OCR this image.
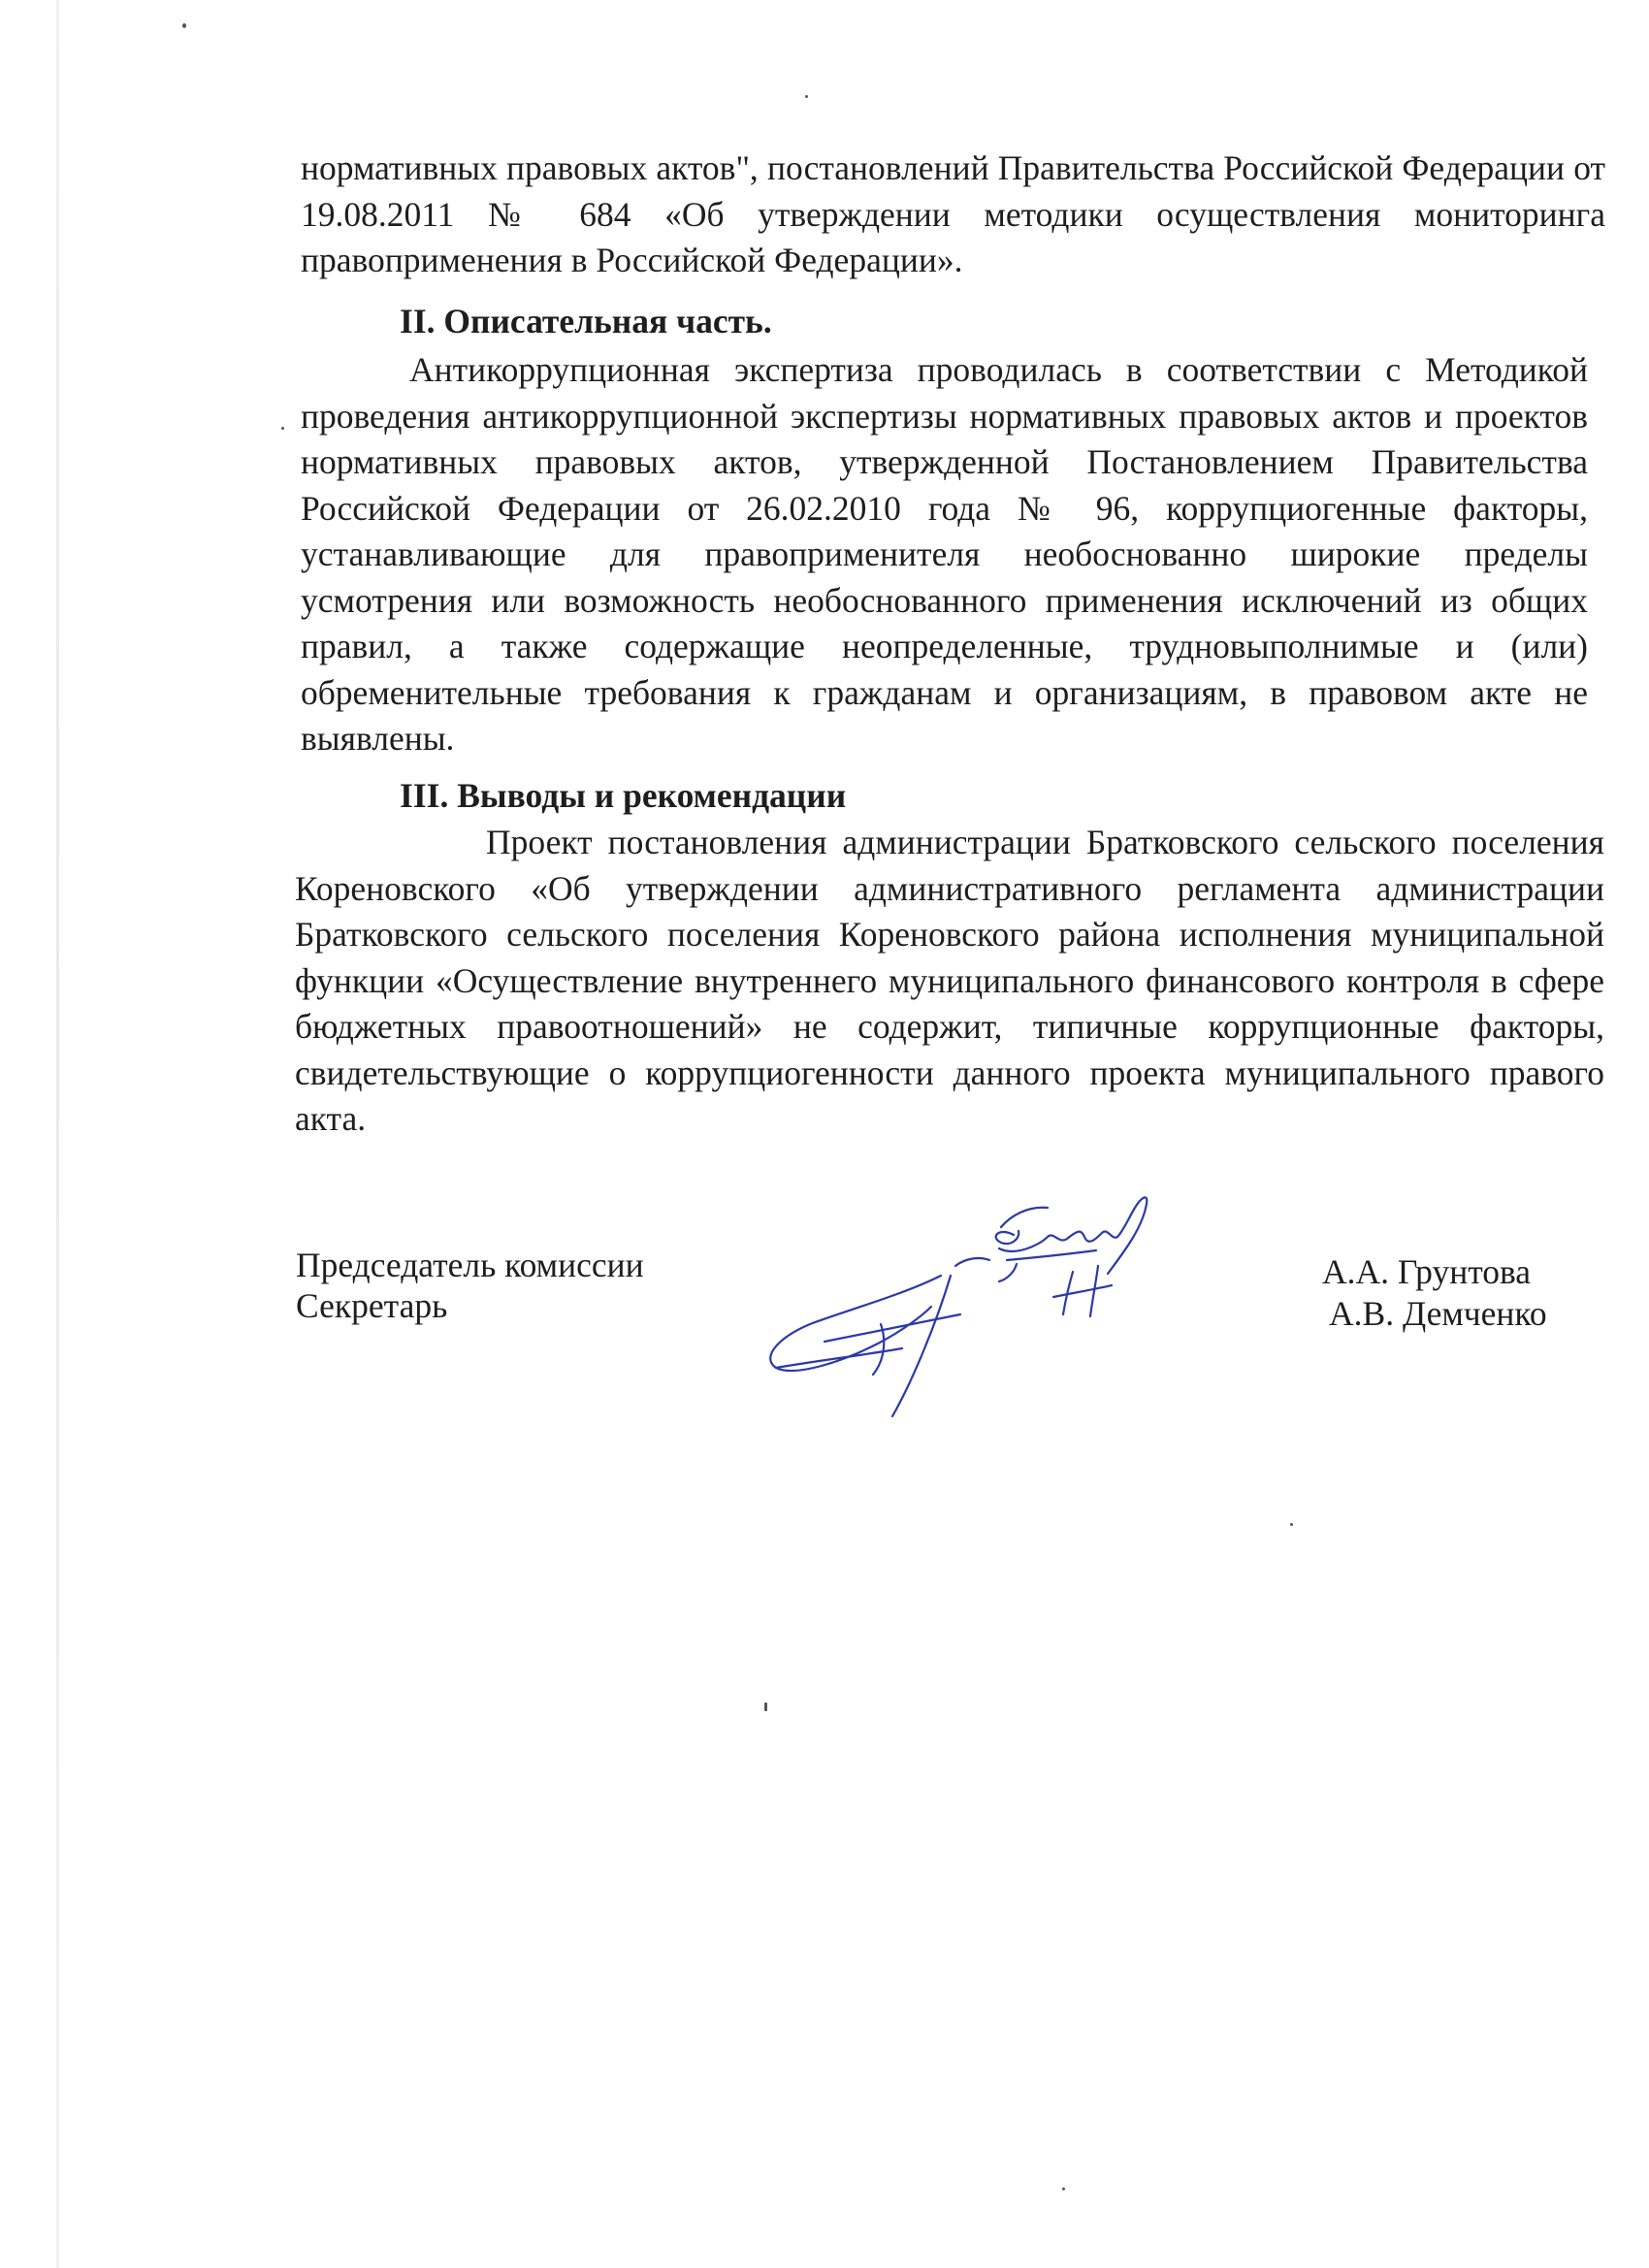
нормативных правовых актов", постановлений Правительства Российской Федерации от 19.08.2011 № 684 «Об утверждении методики осуществления мониторинга правоприменения в Российской Федерации».

II. Описательная часть.

Антикоррупционная экспертиза проводилась в соответствии с Методикой проведения антикоррупционной экспертизы нормативных правовых актов и проектов нормативных правовых актов, утвержденной Постановлением Правительства Российской Федерации от 26.02.2010 года № 96, коррупциогенные факторы, устанавливающие для правоприменителя необоснованно широкие пределы усмотрения или возможность необоснованного применения исключений из общих правил, а также содержащие неопределенные, трудновыполнимые и (или) обременительные требования к гражданам и организациям, в правовом акте не выявлены.

III. Выводы и рекомендации

Проект постановления администрации Братковского сельского поселения Кореновского «Об утверждении административного регламента администрации Братковского сельского поселения Кореновского района исполнения муниципальной функции «Осуществление внутреннего муниципального финансового контроля в сфере бюджетных правоотношений» не содержит, типичные коррупционные факторы, свидетельствующие о коррупциогенности данного проекта муниципального правого акта.

Председатель комиссии
Секретарь
А.А. Грунтова
А.В. Демченко
